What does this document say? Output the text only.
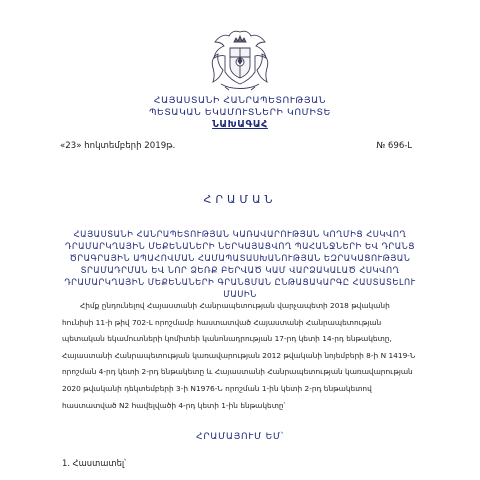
ՀԱՅԱՍՏԱՆԻ ՀԱՆՐԱՊԵՏՈՒԹՅԱՆ
ՊԵՏԱԿԱՆ ԵԿԱՄՈՒՏՆԵՐԻ ԿՈՄԻՏԵ
ՆԱԽԱԳԱՀ
«23» հոկտեմբերի 2019թ.	№ 696-Լ
ՀՐԱՄԱՆ
ՀԱՅԱՍՏԱՆԻ ՀԱՆՐԱՊԵՏՈՒԹՅԱՆ ԿԱՌԱՎԱՐՈՒԹՅԱՆ ԿՈՂՄԻՑ ՀՍԿՎՈՂ
ԴՐԱՄԱՐԿՂԱՅԻՆ ՄԵՔԵՆԱՆԵՐԻ ՆԵՐԿԱՅԱՑՎՈՂ ՊԱՀԱՆՋՆԵՐԻ ԵՎ ԴՐԱՆՑ
ԾՐԱԳՐԱՅԻՆ ԱՊԱՀՈՎՄԱՆ ՀԱՄԱՊԱՏԱՍԽԱՆՈՒԹՅԱՆ ԵԶՐԱԿԱՑՈՒԹՅԱՆ
ՏՐԱՄԱԴՐՄԱՆ ԵՎ ՆՈՐ ՁԵՌՔ ԲԵՐՎԱԾ ԿԱՄ ՎԱՐՁԱԿԱԼԱԾ ՀՍԿՎՈՂ
ԴՐԱՄԱՐԿՂԱՅԻՆ ՄԵՔԵՆԱՆԵՐԻ ԳՐԱՆՑՄԱՆ ԸՆԹԱՑԱԿԱՐԳԸ ՀԱՍՏԱՏԵԼՈՒ
ՄԱՍԻՆ

Հիմք ընդունելով Հայաստանի Հանրապետության վարչապետի 2018 թվականի

հունիսի 11-ի թիվ 702-Լ որոշմամբ հաստատված Հայաստանի Հանրապետության

պետական եկամուտների կոմիտեի կանոնադրության 17-րդ կետի 14-րդ ենթակետը,

Հայաստանի Հանրապետության կառավարության 2012 թվականի նոյեմբերի 8-ի N 1419-Ն

որոշման 4-րդ կետի 2-րդ ենթակետը և Հայաստանի Հանրապետության կառավարության

2020 թվականի դեկտեմբերի 3-ի N1976-Ն որոշման 1-ին կետի 2-րդ ենթակետով

հաստատված N2 հավելվածի 4-րդ կետի 1-ին ենթակետը՝

ՀՐԱՄԱՅՈՒՄ ԵՄ՝
1. Հաստատել՝
